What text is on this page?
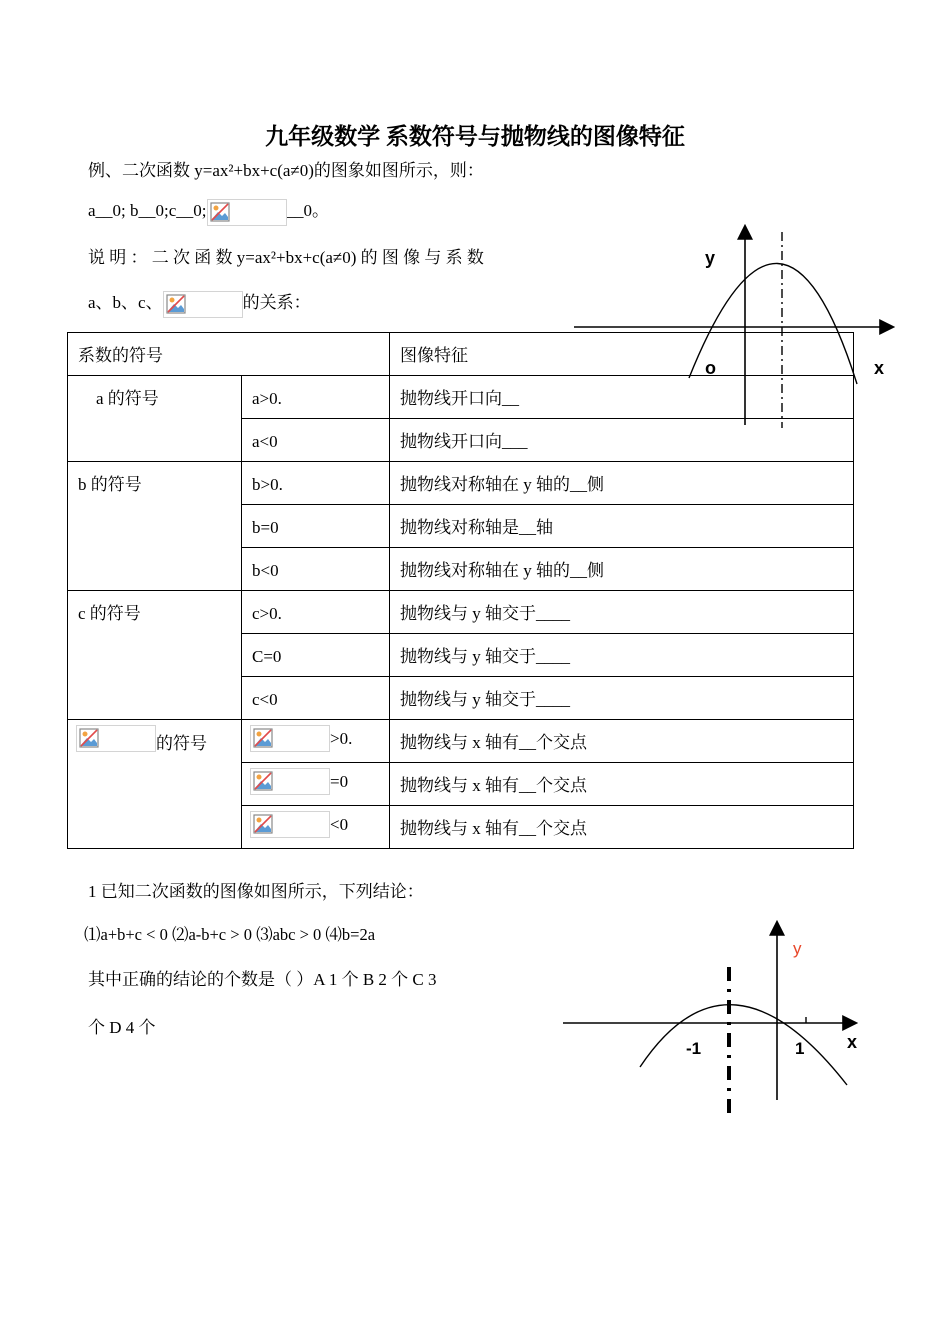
九年级数学 系数符号与抛物线的图像特征
例、二次函数 y=ax²+bx+c(a≠0)的图象如图所示，则：
a__0; b__0;c__0;	__0。
说 明 ： 二 次 函 数 y=ax²+bx+c(a≠0) 的 图 像 与 系 数
a、b、c、	的关系：
系数的符号		图像特征

a 的符号	a>0.	抛物线开口向__

	a<0	抛物线开口向___

b 的符号	b>0.	抛物线对称轴在 y 轴的__侧

	b=0	抛物线对称轴是__轴

	b<0	抛物线对称轴在 y 轴的__侧

c 的符号	c>0.	抛物线与 y 轴交于____

	C=0	抛物线与 y 轴交于____

	c<0	抛物线与 y 轴交于____

的符号	>0.	抛物线与 x 轴有__个交点

	=0	抛物线与 x 轴有__个交点

	<0	抛物线与 x 轴有__个交点
y
x
o
1 已知二次函数的图像如图所示，下列结论：
⑴a+b+c < 0 ⑵a-b+c > 0 ⑶abc > 0 ⑷b=2a
其中正确的结论的个数是（ ）A 1 个 B 2 个 C 3
个 D 4 个
y
x
-1	1
